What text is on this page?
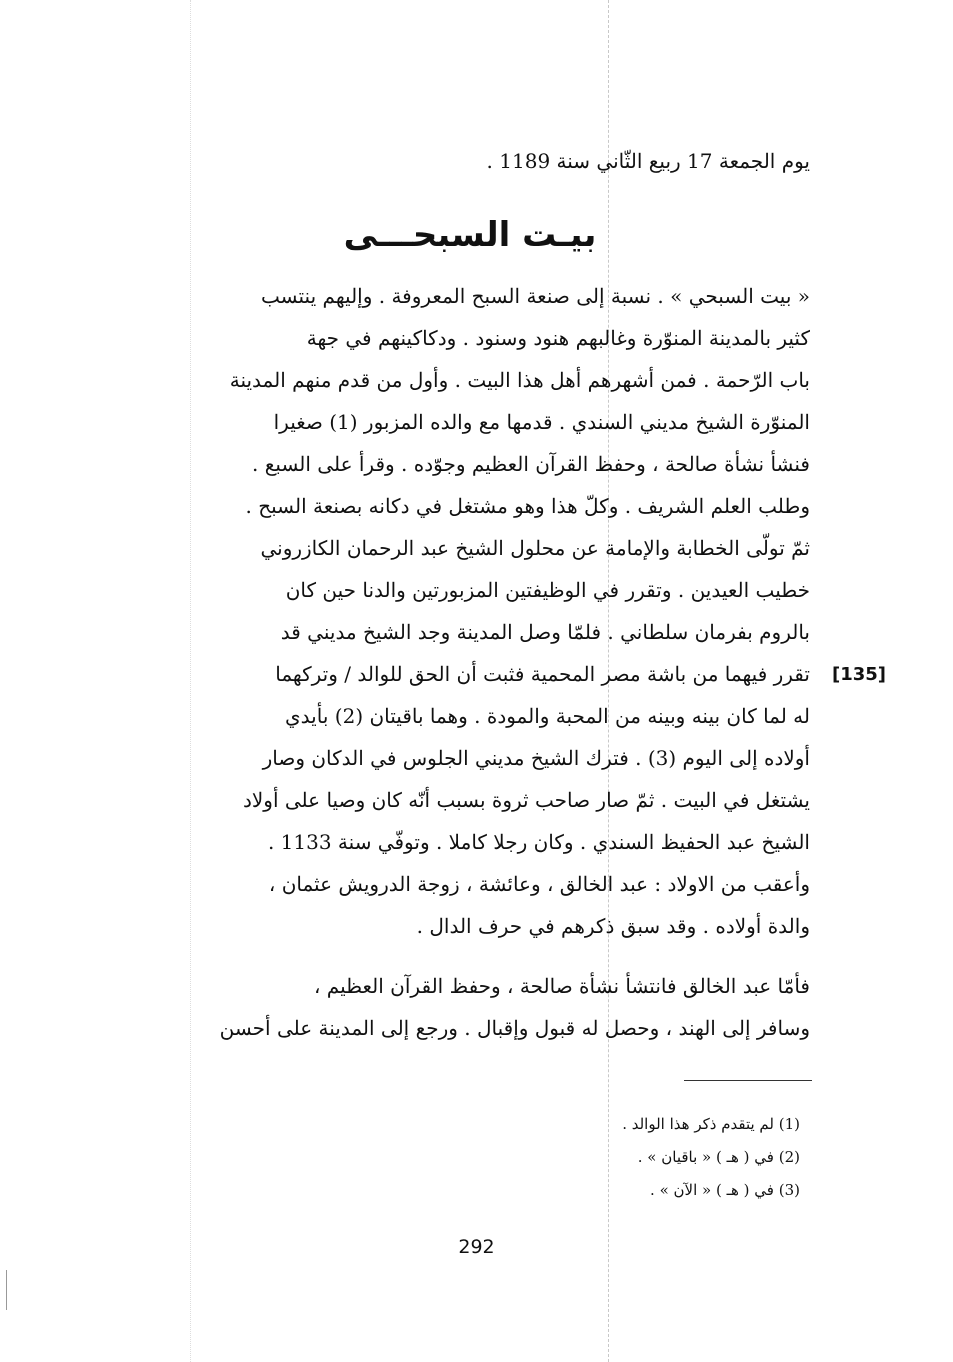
يوم الجمعة 17 ربيع الثّاني سنة 1189 .
بيـت السبحـــى
« بيت السبحي » . نسبة إلى صنعة السبح المعروفة . وإليهم ينتسب
كثير بالمدينة المنوّرة وغالبهم هنود وسنود . ودكاكينهم في جهة
باب الرّحمة . فمن أشهرهم أهل هذا البيت . وأول من قدم منهم المدينة
المنوّرة الشيخ مديني السندي . قدمها مع والده المزبور (1) صغيرا
فنشأ نشأة صالحة ، وحفظ القرآن العظيم وجوّده . وقرأ على السبع .
وطلب العلم الشريف . وكلّ هذا وهو مشتغل في دكانه بصنعة السبح .
ثمّ تولّى الخطابة والإمامة عن محلول الشيخ عبد الرحمان الكازروني
خطيب العيدين . وتقرر في الوظيفتين المزبورتين والدنا حين كان
بالروم بفرمان سلطاني . فلمّا وصل المدينة وجد الشيخ مديني قد
تقرر فيهما من باشة مصر المحمية فثبت أن الحق للوالد / وتركهما
له لما كان بينه وبينه من المحبة والمودة . وهما باقيتان (2) بأيدي
أولاده إلى اليوم (3) . فترك الشيخ مديني الجلوس في الدكان وصار
يشتغل في البيت . ثمّ صار صاحب ثروة بسبب أنّه كان وصيا على أولاد
الشيخ عبد الحفيظ السندي . وكان رجلا كاملا . وتوفّي سنة 1133 .
وأعقب من الاولاد : عبد الخالق ، وعائشة ، زوجة الدرويش عثمان ،
والدة أولاده . وقد سبق ذكرهم في حرف الدال .
[135]
فأمّا عبد الخالق فانتشأ نشأة صالحة ، وحفظ القرآن العظيم ،
وسافر إلى الهند ، وحصل له قبول وإقبال . ورجع إلى المدينة على أحسن
(1) لم يتقدم ذكر هذا الوالد .
(2) في ( هـ ) « باقيان » .
(3) في ( هـ ) « الآن » .
292
